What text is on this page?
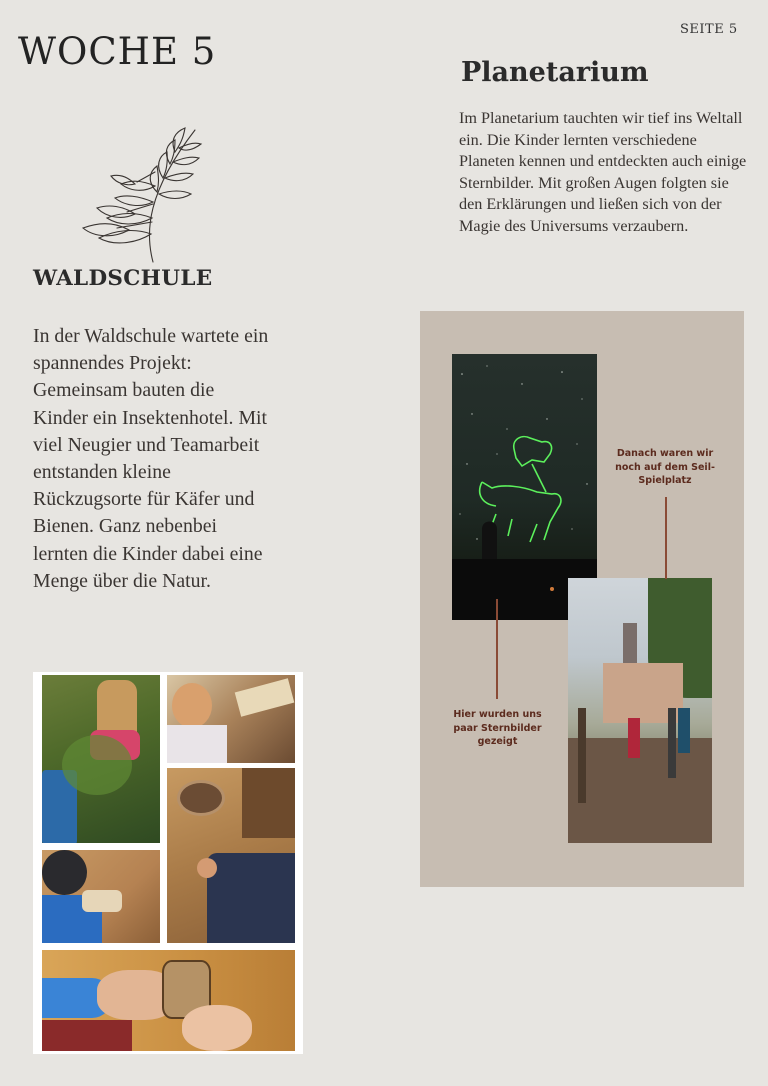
WOCHE 5
SEITE 5
Planetarium
Im Planetarium tauchten wir tief ins Weltall ein. Die Kinder lernten verschiedene Planeten kennen und entdeckten auch einige Sternbilder. Mit großen Augen folgten sie den Erklärungen und ließen sich von der Magie des Universums verzaubern.
WALDSCHULE
In der Waldschule wartete ein spannendes Projekt: Gemeinsam bauten die Kinder ein Insektenhotel. Mit viel Neugier und Teamarbeit entstanden kleine Rückzugsorte für Käfer und Bienen. Ganz nebenbei lernten die Kinder dabei eine Menge über die Natur.
Danach waren wir noch auf dem Seil-Spielplatz
Hier wurden uns paar Sternbilder gezeigt
